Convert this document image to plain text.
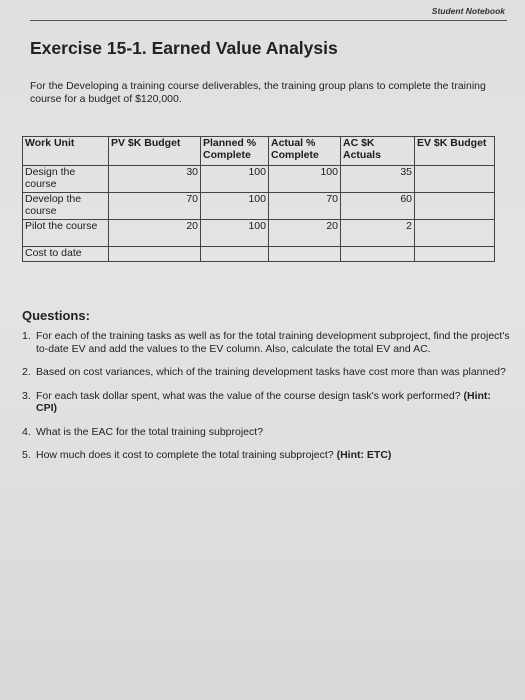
Student Notebook
Exercise 15-1. Earned Value Analysis

For the Developing a training course deliverables, the training group plans to complete the training course for a budget of $120,000.

Work Unit	PV $K Budget	Planned % Complete	Actual % Complete	AC $K Actuals	EV $K Budget
Design the course	30	100	100	35	
Develop the course	70	100	70	60	
Pilot the course	20	100	20	2	
Cost to date					
Questions:
1. For each of the training tasks as well as for the total training development subproject, find the project's to-date EV and add the values to the EV column. Also, calculate the total EV and AC.
2. Based on cost variances, which of the training development tasks have cost more than was planned?
3. For each task dollar spent, what was the value of the course design task's work performed? (Hint: CPI)
4. What is the EAC for the total training subproject?
5. How much does it cost to complete the total training subproject? (Hint: ETC)
